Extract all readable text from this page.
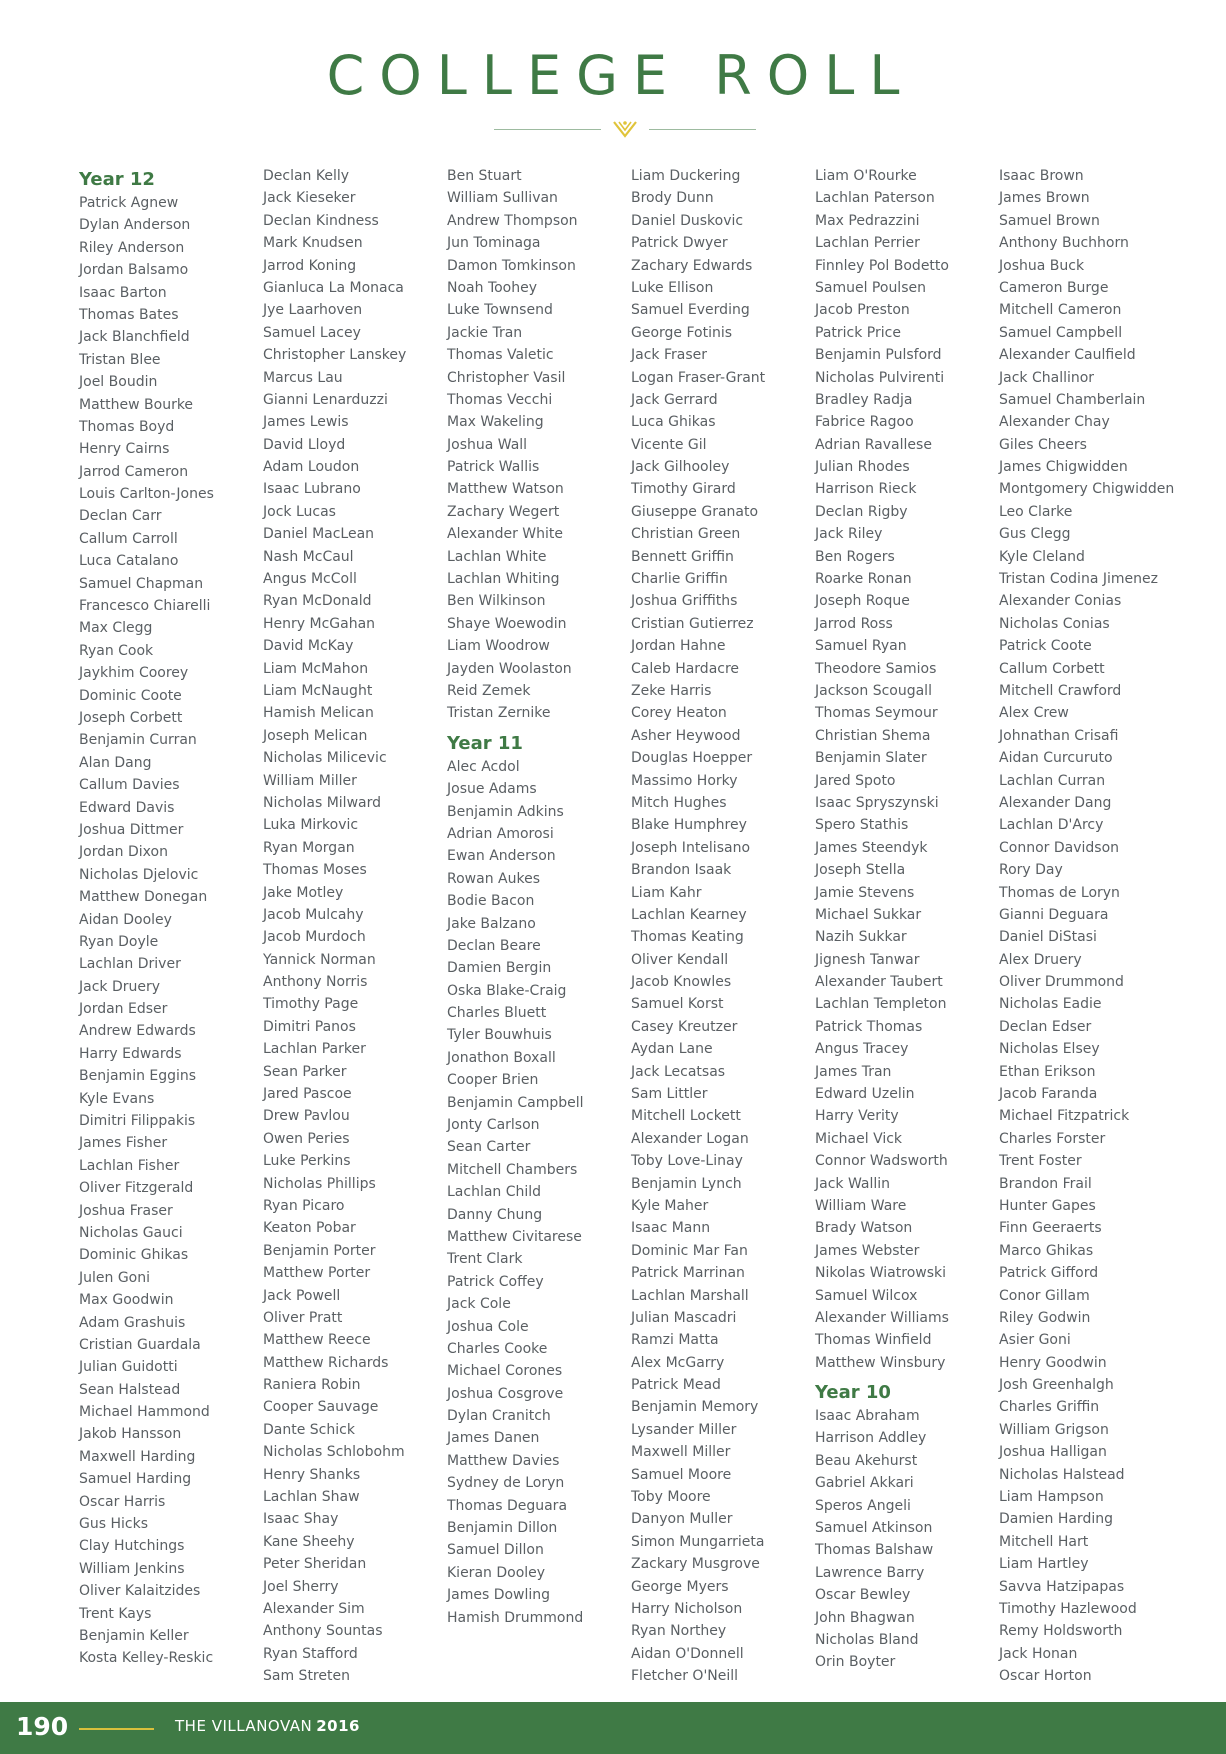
COLLEGE ROLL
Year 12
Patrick Agnew
Dylan Anderson
Riley Anderson
Jordan Balsamo
Isaac Barton
Thomas Bates
Jack Blanchfield
Tristan Blee
Joel Boudin
Matthew Bourke
Thomas Boyd
Henry Cairns
Jarrod Cameron
Louis Carlton-Jones
Declan Carr
Callum Carroll
Luca Catalano
Samuel Chapman
Francesco Chiarelli
Max Clegg
Ryan Cook
Jaykhim Coorey
Dominic Coote
Joseph Corbett
Benjamin Curran
Alan Dang
Callum Davies
Edward Davis
Joshua Dittmer
Jordan Dixon
Nicholas Djelovic
Matthew Donegan
Aidan Dooley
Ryan Doyle
Lachlan Driver
Jack Druery
Jordan Edser
Andrew Edwards
Harry Edwards
Benjamin Eggins
Kyle Evans
Dimitri Filippakis
James Fisher
Lachlan Fisher
Oliver Fitzgerald
Joshua Fraser
Nicholas Gauci
Dominic Ghikas
Julen Goni
Max Goodwin
Adam Grashuis
Cristian Guardala
Julian Guidotti
Sean Halstead
Michael Hammond
Jakob Hansson
Maxwell Harding
Samuel Harding
Oscar Harris
Gus Hicks
Clay Hutchings
William Jenkins
Oliver Kalaitzides
Trent Kays
Benjamin Keller
Kosta Kelley-Reskic
Declan Kelly
Jack Kieseker
Declan Kindness
Mark Knudsen
Jarrod Koning
Gianluca La Monaca
Jye Laarhoven
Samuel Lacey
Christopher Lanskey
Marcus Lau
Gianni Lenarduzzi
James Lewis
David Lloyd
Adam Loudon
Isaac Lubrano
Jock Lucas
Daniel MacLean
Nash McCaul
Angus McColl
Ryan McDonald
Henry McGahan
David McKay
Liam McMahon
Liam McNaught
Hamish Melican
Joseph Melican
Nicholas Milicevic
William Miller
Nicholas Milward
Luka Mirkovic
Ryan Morgan
Thomas Moses
Jake Motley
Jacob Mulcahy
Jacob Murdoch
Yannick Norman
Anthony Norris
Timothy Page
Dimitri Panos
Lachlan Parker
Sean Parker
Jared Pascoe
Drew Pavlou
Owen Peries
Luke Perkins
Nicholas Phillips
Ryan Picaro
Keaton Pobar
Benjamin Porter
Matthew Porter
Jack Powell
Oliver Pratt
Matthew Reece
Matthew Richards
Raniera Robin
Cooper Sauvage
Dante Schick
Nicholas Schlobohm
Henry Shanks
Lachlan Shaw
Isaac Shay
Kane Sheehy
Peter Sheridan
Joel Sherry
Alexander Sim
Anthony Sountas
Ryan Stafford
Sam Streten
Ben Stuart
William Sullivan
Andrew Thompson
Jun Tominaga
Damon Tomkinson
Noah Toohey
Luke Townsend
Jackie Tran
Thomas Valetic
Christopher Vasil
Thomas Vecchi
Max Wakeling
Joshua Wall
Patrick Wallis
Matthew Watson
Zachary Wegert
Alexander White
Lachlan White
Lachlan Whiting
Ben Wilkinson
Shaye Woewodin
Liam Woodrow
Jayden Woolaston
Reid Zemek
Tristan Zernike
Year 11
Alec Acdol
Josue Adams
Benjamin Adkins
Adrian Amorosi
Ewan Anderson
Rowan Aukes
Bodie Bacon
Jake Balzano
Declan Beare
Damien Bergin
Oska Blake-Craig
Charles Bluett
Tyler Bouwhuis
Jonathon Boxall
Cooper Brien
Benjamin Campbell
Jonty Carlson
Sean Carter
Mitchell Chambers
Lachlan Child
Danny Chung
Matthew Civitarese
Trent Clark
Patrick Coffey
Jack Cole
Joshua Cole
Charles Cooke
Michael Corones
Joshua Cosgrove
Dylan Cranitch
James Danen
Matthew Davies
Sydney de Loryn
Thomas Deguara
Benjamin Dillon
Samuel Dillon
Kieran Dooley
James Dowling
Hamish Drummond
Liam Duckering
Brody Dunn
Daniel Duskovic
Patrick Dwyer
Zachary Edwards
Luke Ellison
Samuel Everding
George Fotinis
Jack Fraser
Logan Fraser-Grant
Jack Gerrard
Luca Ghikas
Vicente Gil
Jack Gilhooley
Timothy Girard
Giuseppe Granato
Christian Green
Bennett Griffin
Charlie Griffin
Joshua Griffiths
Cristian Gutierrez
Jordan Hahne
Caleb Hardacre
Zeke Harris
Corey Heaton
Asher Heywood
Douglas Hoepper
Massimo Horky
Mitch Hughes
Blake Humphrey
Joseph Intelisano
Brandon Isaak
Liam Kahr
Lachlan Kearney
Thomas Keating
Oliver Kendall
Jacob Knowles
Samuel Korst
Casey Kreutzer
Aydan Lane
Jack Lecatsas
Sam Littler
Mitchell Lockett
Alexander Logan
Toby Love-Linay
Benjamin Lynch
Kyle Maher
Isaac Mann
Dominic Mar Fan
Patrick Marrinan
Lachlan Marshall
Julian Mascadri
Ramzi Matta
Alex McGarry
Patrick Mead
Benjamin Memory
Lysander Miller
Maxwell Miller
Samuel Moore
Toby Moore
Danyon Muller
Simon Mungarrieta
Zackary Musgrove
George Myers
Harry Nicholson
Ryan Northey
Aidan O'Donnell
Fletcher O'Neill
Liam O'Rourke
Lachlan Paterson
Max Pedrazzini
Lachlan Perrier
Finnley Pol Bodetto
Samuel Poulsen
Jacob Preston
Patrick Price
Benjamin Pulsford
Nicholas Pulvirenti
Bradley Radja
Fabrice Ragoo
Adrian Ravallese
Julian Rhodes
Harrison Rieck
Declan Rigby
Jack Riley
Ben Rogers
Roarke Ronan
Joseph Roque
Jarrod Ross
Samuel Ryan
Theodore Samios
Jackson Scougall
Thomas Seymour
Christian Shema
Benjamin Slater
Jared Spoto
Isaac Spryszynski
Spero Stathis
James Steendyk
Joseph Stella
Jamie Stevens
Michael Sukkar
Nazih Sukkar
Jignesh Tanwar
Alexander Taubert
Lachlan Templeton
Patrick Thomas
Angus Tracey
James Tran
Edward Uzelin
Harry Verity
Michael Vick
Connor Wadsworth
Jack Wallin
William Ware
Brady Watson
James Webster
Nikolas Wiatrowski
Samuel Wilcox
Alexander Williams
Thomas Winfield
Matthew Winsbury
Year 10
Isaac Abraham
Harrison Addley
Beau Akehurst
Gabriel Akkari
Speros Angeli
Samuel Atkinson
Thomas Balshaw
Lawrence Barry
Oscar Bewley
John Bhagwan
Nicholas Bland
Orin Boyter
Isaac Brown
James Brown
Samuel Brown
Anthony Buchhorn
Joshua Buck
Cameron Burge
Mitchell Cameron
Samuel Campbell
Alexander Caulfield
Jack Challinor
Samuel Chamberlain
Alexander Chay
Giles Cheers
James Chigwidden
Montgomery Chigwidden
Leo Clarke
Gus Clegg
Kyle Cleland
Tristan Codina Jimenez
Alexander Conias
Nicholas Conias
Patrick Coote
Callum Corbett
Mitchell Crawford
Alex Crew
Johnathan Crisafi
Aidan Curcuruto
Lachlan Curran
Alexander Dang
Lachlan D'Arcy
Connor Davidson
Rory Day
Thomas de Loryn
Gianni Deguara
Daniel DiStasi
Alex Druery
Oliver Drummond
Nicholas Eadie
Declan Edser
Nicholas Elsey
Ethan Erikson
Jacob Faranda
Michael Fitzpatrick
Charles Forster
Trent Foster
Brandon Frail
Hunter Gapes
Finn Geeraerts
Marco Ghikas
Patrick Gifford
Conor Gillam
Riley Godwin
Asier Goni
Henry Goodwin
Josh Greenhalgh
Charles Griffin
William Grigson
Joshua Halligan
Nicholas Halstead
Liam Hampson
Damien Harding
Mitchell Hart
Liam Hartley
Savva Hatzipapas
Timothy Hazlewood
Remy Holdsworth
Jack Honan
Oscar Horton
190	THE VILLANOVAN 2016
